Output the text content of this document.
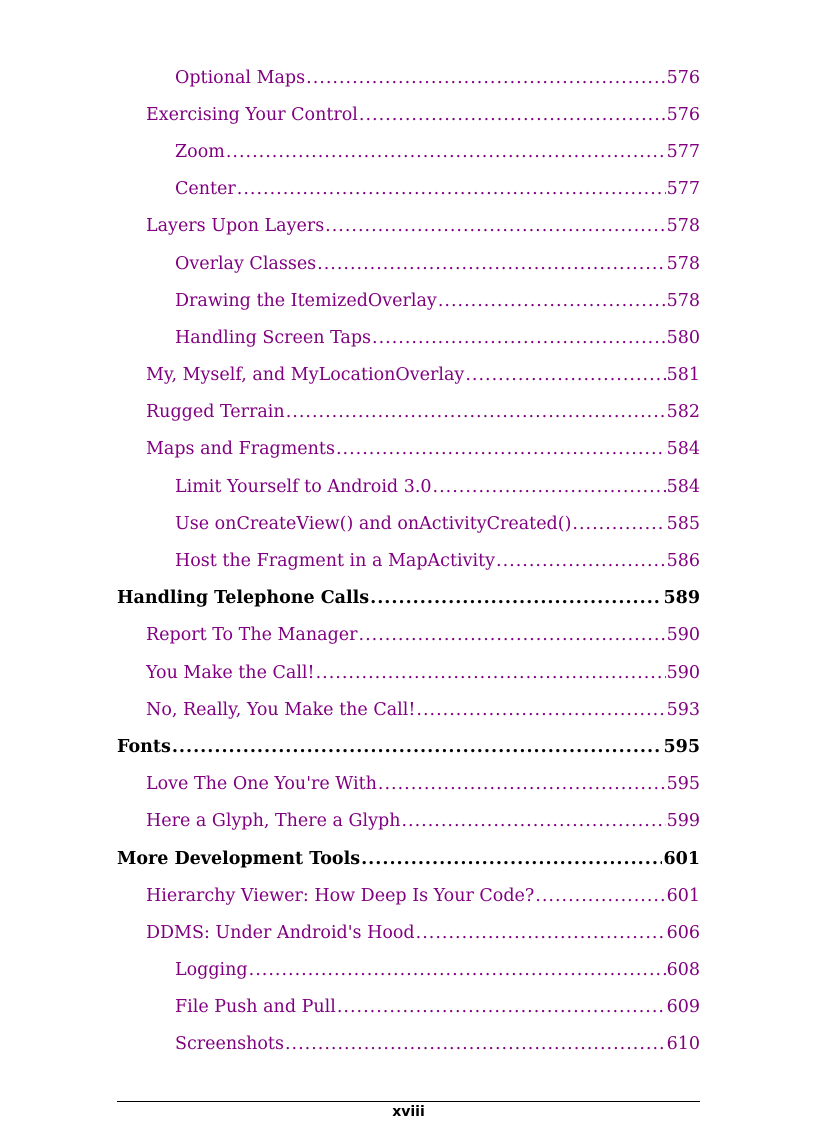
Optional Maps .....	576
Exercising Your Control .....	576
Zoom .....	577
Center .....	577
Layers Upon Layers .....	578
Overlay Classes .....	578
Drawing the ItemizedOverlay .....	578
Handling Screen Taps .....	580
My, Myself, and MyLocationOverlay .....	581
Rugged Terrain .....	582
Maps and Fragments .....	584
Limit Yourself to Android 3.0 .....	584
Use onCreateView() and onActivityCreated() .....	585
Host the Fragment in a MapActivity .....	586
Handling Telephone Calls .....	589
Report To The Manager .....	590
You Make the Call! .....	590
No, Really, You Make the Call! .....	593
Fonts .....	595
Love The One You're With .....	595
Here a Glyph, There a Glyph .....	599
More Development Tools .....	601
Hierarchy Viewer: How Deep Is Your Code? .....	601
DDMS: Under Android's Hood .....	606
Logging .....	608
File Push and Pull .....	609
Screenshots .....	610
xviii
